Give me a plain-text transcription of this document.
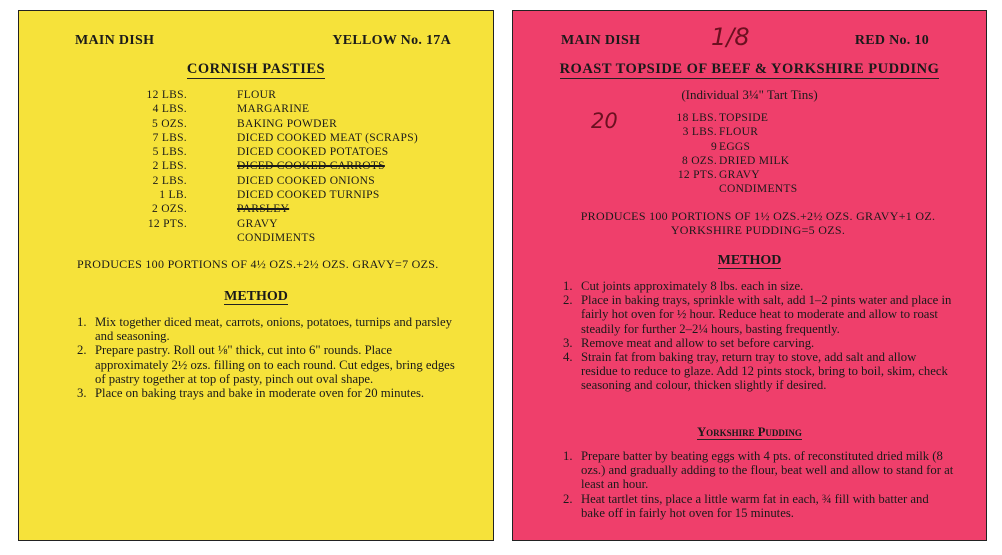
MAIN DISH	YELLOW No. 17A
CORNISH PASTIES
12 LBS.	FLOUR
4 LBS.	MARGARINE
5 OZS.	BAKING POWDER
7 LBS.	DICED COOKED MEAT (SCRAPS)
5 LBS.	DICED COOKED POTATOES
2 LBS.	DICED COOKED CARROTS
2 LBS.	DICED COOKED ONIONS
1 LB.	DICED COOKED TURNIPS
2 OZS.	PARSLEY
12 PTS.	GRAVY
CONDIMENTS
PRODUCES 100 PORTIONS OF 4½ OZS.+2½ OZS. GRAVY=7 OZS.
METHOD

1. Mix together diced meat, carrots, onions, potatoes, turnips and parsley and seasoning.

2. Prepare pastry. Roll out ⅛" thick, cut into 6" rounds. Place approximately 2½ ozs. filling on to each round. Cut edges, bring edges of pastry together at top of pasty, pinch out oval shape.

3. Place on baking trays and bake in moderate oven for 20 minutes.

MAIN DISH	RED No. 10
1/8
ROAST TOPSIDE OF BEEF & YORKSHIRE PUDDING
(Individual 3¼" Tart Tins)
20	18 LBS. TOPSIDE
3 LBS. FLOUR
9 EGGS
8 OZS. DRIED MILK
12 PTS. GRAVY
CONDIMENTS
PRODUCES 100 PORTIONS OF 1½ OZS.+2½ OZS. GRAVY+1 OZ.
YORKSHIRE PUDDING=5 OZS.
METHOD

1. Cut joints approximately 8 lbs. each in size.

2. Place in baking trays, sprinkle with salt, add 1–2 pints water and place in fairly hot oven for ½ hour. Reduce heat to moderate and allow to roast steadily for further 2–2¼ hours, basting frequently.

3. Remove meat and allow to set before carving.

4. Strain fat from baking tray, return tray to stove, add salt and allow residue to reduce to glaze. Add 12 pints stock, bring to boil, skim, check seasoning and colour, thicken slightly if desired.

Yorkshire Pudding

1. Prepare batter by beating eggs with 4 pts. of reconstituted dried milk (8 ozs.) and gradually adding to the flour, beat well and allow to stand for at least an hour.

2. Heat tartlet tins, place a little warm fat in each, ¾ fill with batter and bake off in fairly hot oven for 15 minutes.
